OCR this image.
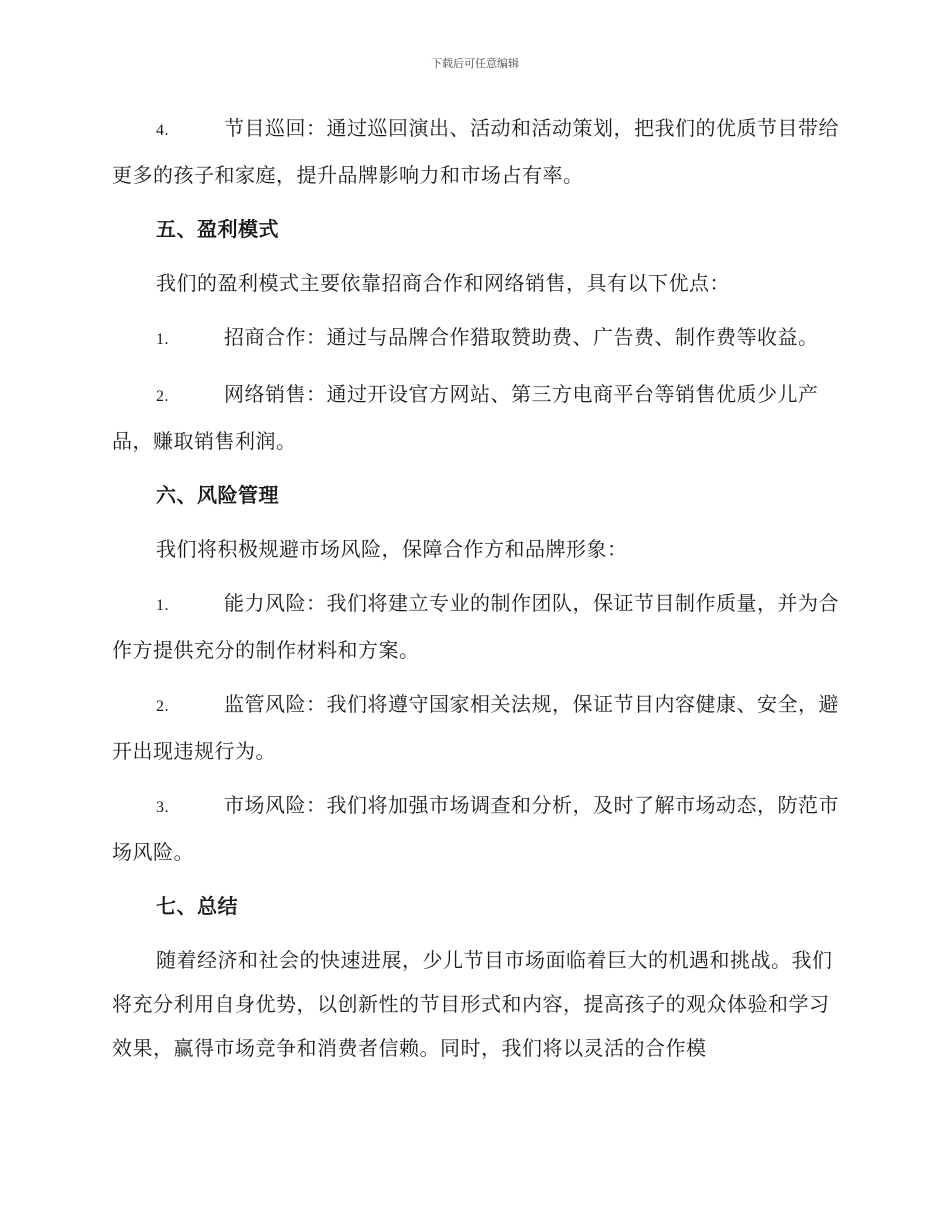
下载后可任意编辑

4.	节目巡回：通过巡回演出、活动和活动策划，把我们的优质节目带给更多的孩子和家庭，提升品牌影响力和市场占有率。

五、盈利模式

我们的盈利模式主要依靠招商合作和网络销售，具有以下优点：

1.	招商合作：通过与品牌合作猎取赞助费、广告费、制作费等收益。

2.	网络销售：通过开设官方网站、第三方电商平台等销售优质少儿产品，赚取销售利润。

六、风险管理

我们将积极规避市场风险，保障合作方和品牌形象：

1.	能力风险：我们将建立专业的制作团队，保证节目制作质量，并为合作方提供充分的制作材料和方案。

2.	监管风险：我们将遵守国家相关法规，保证节目内容健康、安全，避开出现违规行为。

3.	市场风险：我们将加强市场调查和分析，及时了解市场动态，防范市场风险。

七、总结

随着经济和社会的快速进展，少儿节目市场面临着巨大的机遇和挑战。我们将充分利用自身优势，以创新性的节目形式和内容，提高孩子的观众体验和学习效果，赢得市场竞争和消费者信赖。同时，我们将以灵活的合作模
